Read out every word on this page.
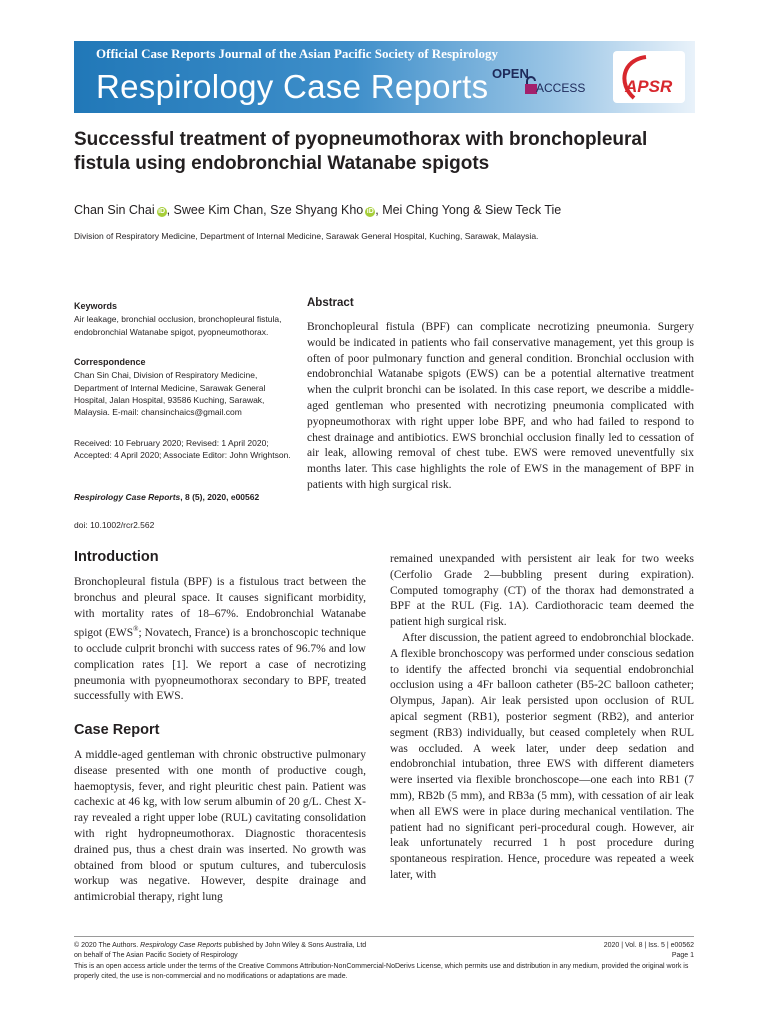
Official Case Reports Journal of the Asian Pacific Society of Respirology
Respirology Case Reports OPEN
ACCESS APSR
Successful treatment of pyopneumothorax with bronchopleural fistula using endobronchial Watanabe spigots
Chan Sin Chai iD , Swee Kim Chan, Sze Shyang Kho iD , Mei Ching Yong & Siew Teck Tie
Division of Respiratory Medicine, Department of Internal Medicine, Sarawak General Hospital, Kuching, Sarawak, Malaysia.
Keywords
Air leakage, bronchial occlusion, bronchopleural fistula, endobronchial Watanabe spigot, pyopneumothorax.
Correspondence
Chan Sin Chai, Division of Respiratory Medicine, Department of Internal Medicine, Sarawak General Hospital, Jalan Hospital, 93586 Kuching, Sarawak, Malaysia. E-mail: chansinchaics@gmail.com
Received: 10 February 2020; Revised: 1 April 2020; Accepted: 4 April 2020; Associate Editor: John Wrightson.
Respirology Case Reports, 8 (5), 2020, e00562
doi: 10.1002/rcr2.562
Abstract
Bronchopleural fistula (BPF) can complicate necrotizing pneumonia. Surgery would be indicated in patients who fail conservative management, yet this group is often of poor pulmonary function and general condition. Bronchial occlusion with endobronchial Watanabe spigots (EWS) can be a potential alternative treatment when the culprit bronchi can be isolated. In this case report, we describe a middle-aged gentleman who presented with necrotizing pneumonia complicated with pyopneumothorax with right upper lobe BPF, and who had failed to respond to chest drainage and antibiotics. EWS bronchial occlusion finally led to cessation of air leak, allowing removal of chest tube. EWS were removed uneventfully six months later. This case highlights the role of EWS in the management of BPF in patients with high surgical risk.
Introduction

Bronchopleural fistula (BPF) is a fistulous tract between the bronchus and pleural space. It causes significant morbidity, with mortality rates of 18–67%. Endobronchial Watanabe spigot (EWS®; Novatech, France) is a bronchoscopic technique to occlude culprit bronchi with success rates of 96.7% and low complication rates [1]. We report a case of necrotizing pneumonia with pyopneumothorax secondary to BPF, treated successfully with EWS.

Case Report

A middle-aged gentleman with chronic obstructive pulmonary disease presented with one month of productive cough, haemoptysis, fever, and right pleuritic chest pain. Patient was cachexic at 46 kg, with low serum albumin of 20 g/L. Chest X-ray revealed a right upper lobe (RUL) cavitating consolidation with right hydropneumothorax. Diagnostic thoracentesis drained pus, thus a chest drain was inserted. No growth was obtained from blood or sputum cultures, and tuberculosis workup was negative. However, despite drainage and antimicrobial therapy, right lung

remained unexpanded with persistent air leak for two weeks (Cerfolio Grade 2—bubbling present during expiration). Computed tomography (CT) of the thorax had demonstrated a BPF at the RUL (Fig. 1A). Cardiothoracic team deemed the patient high surgical risk.

After discussion, the patient agreed to endobronchial blockade. A flexible bronchoscopy was performed under conscious sedation to identify the affected bronchi via sequential endobronchial occlusion using a 4Fr balloon catheter (B5-2C balloon catheter; Olympus, Japan). Air leak persisted upon occlusion of RUL apical segment (RB1), posterior segment (RB2), and anterior segment (RB3) individually, but ceased completely when RUL was occluded. A week later, under deep sedation and endobronchial intubation, three EWS with different diameters were inserted via flexible bronchoscope—one each into RB1 (7 mm), RB2b (5 mm), and RB3a (5 mm), with cessation of air leak when all EWS were in place during mechanical ventilation. The patient had no significant peri-procedural cough. However, air leak unfortunately recurred 1 h post procedure during spontaneous respiration. Hence, procedure was repeated a week later, with

© 2020 The Authors. Respirology Case Reports published by John Wiley & Sons Australia, Ltd
on behalf of The Asian Pacific Society of Respirology
2020 | Vol. 8 | Iss. 5 | e00562
Page 1
This is an open access article under the terms of the Creative Commons Attribution-NonCommercial-NoDerivs License, which permits use and distribution in any medium, provided the original work is properly cited, the use is non-commercial and no modifications or adaptations are made.
